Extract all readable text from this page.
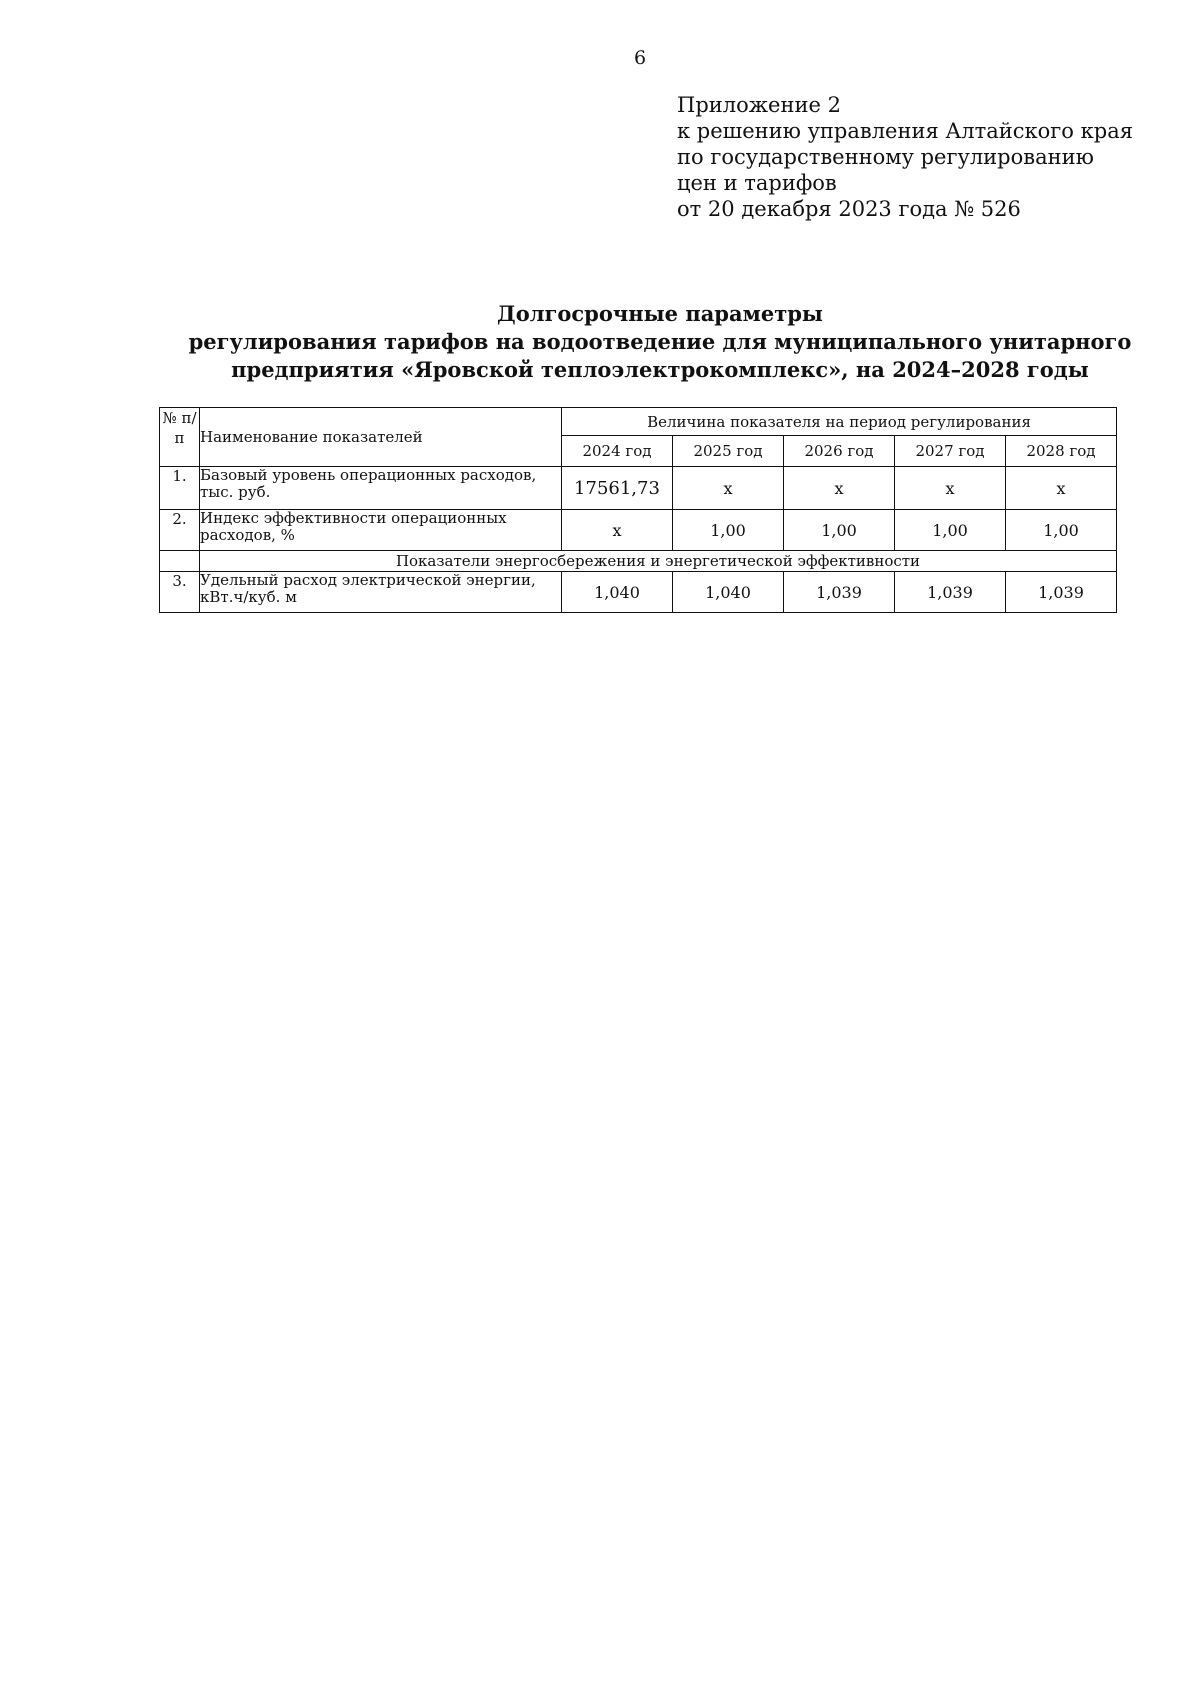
6
Приложение 2
к решению управления Алтайского края
по государственному регулированию
цен и тарифов
от 20 декабря 2023 года № 526
Долгосрочные параметры
регулирования тарифов на водоотведение для муниципального унитарного
предприятия «Яровской теплоэлектрокомплекс», на 2024–2028 годы
№ п/ п	Наименование показателей	Величина показателя на период регулирования				
		2024 год	2025 год	2026 год	2027 год	2028 год
1.	Базовый уровень операционных расходов, тыс. руб.	17561,73	x	x	x	x
2.	Индекс эффективности операционных расходов, %	x	1,00	1,00	1,00	1,00
	Показатели энергосбережения и энергетической эффективности					
3.	Удельный расход электрической энергии, кВт.ч/куб. м	1,040	1,040	1,039	1,039	1,039
